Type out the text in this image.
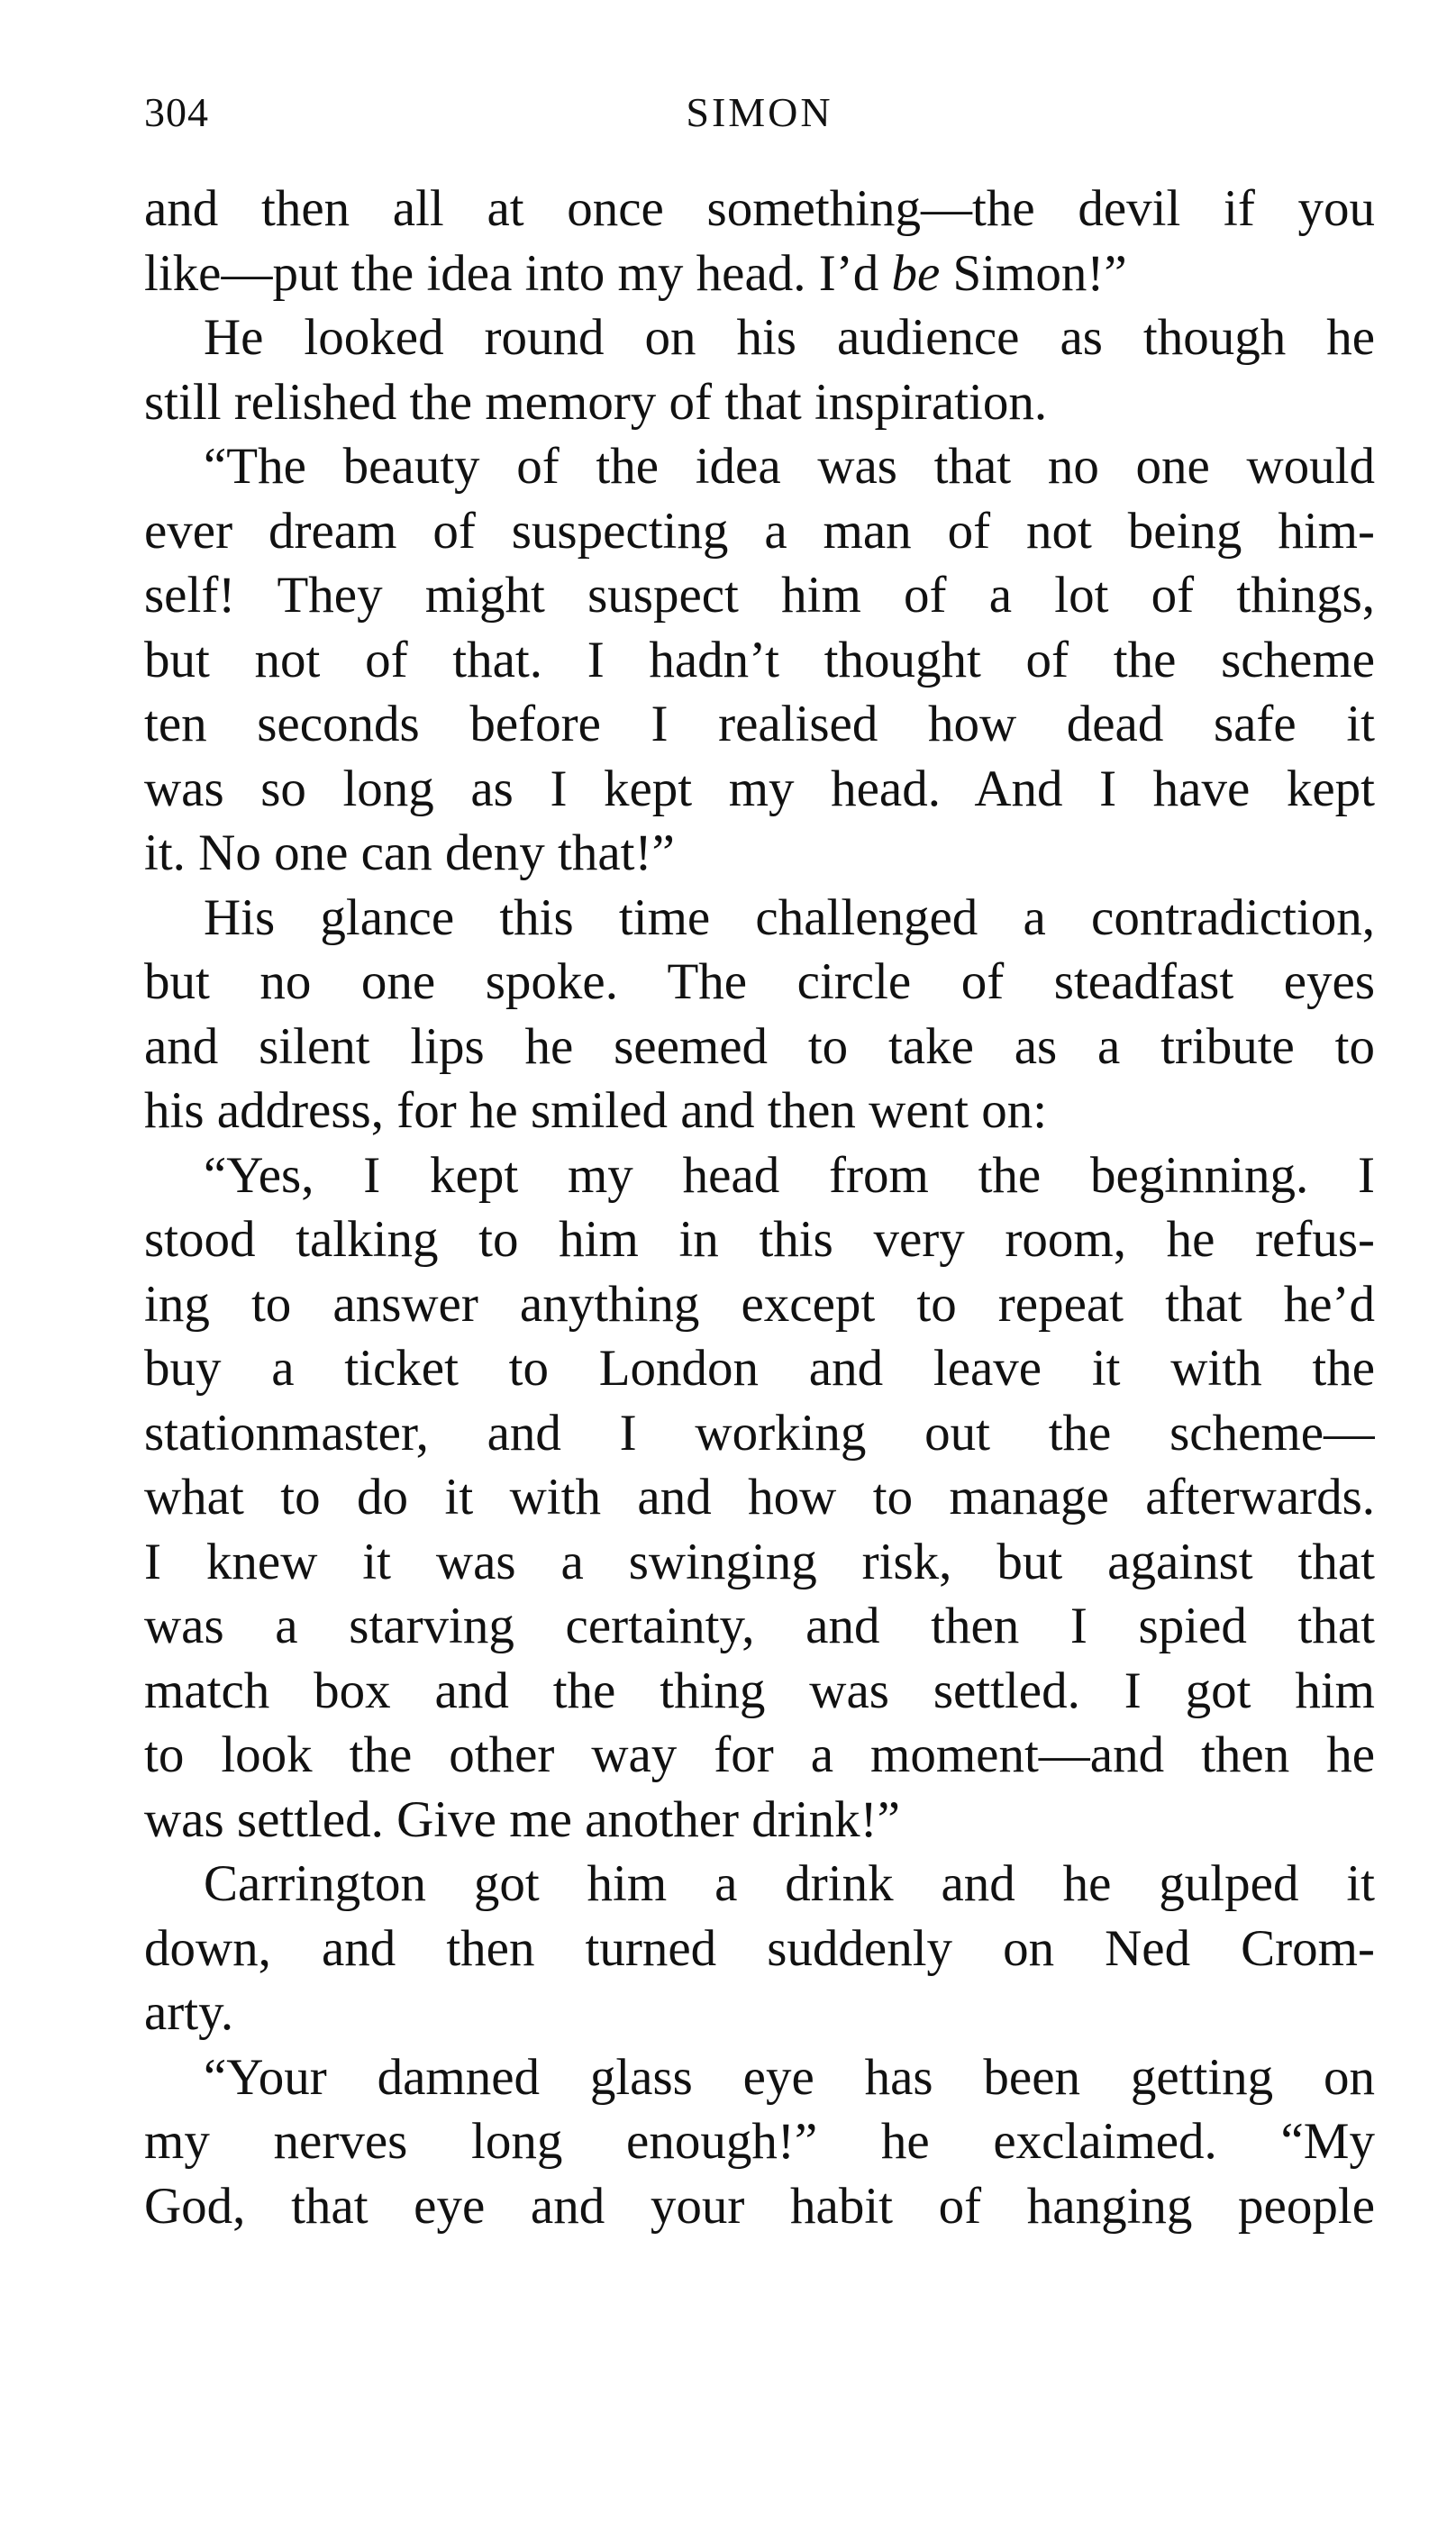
304	SIMON
and then all at once something—the devil if you
like—put the idea into my head. I’d be Simon!”
He looked round on his audience as though he
still relished the memory of that inspiration.
“The beauty of the idea was that no one would
ever dream of suspecting a man of not being him-
self! They might suspect him of a lot of things,
but not of that. I hadn’t thought of the scheme
ten seconds before I realised how dead safe it
was so long as I kept my head. And I have kept
it. No one can deny that!”
His glance this time challenged a contradiction,
but no one spoke. The circle of steadfast eyes
and silent lips he seemed to take as a tribute to
his address, for he smiled and then went on:
“Yes, I kept my head from the beginning. I
stood talking to him in this very room, he refus-
ing to answer anything except to repeat that he’d
buy a ticket to London and leave it with the
stationmaster, and I working out the scheme—
what to do it with and how to manage afterwards.
I knew it was a swinging risk, but against that
was a starving certainty, and then I spied that
match box and the thing was settled. I got him
to look the other way for a moment—and then he
was settled. Give me another drink!”
Carrington got him a drink and he gulped it
down, and then turned suddenly on Ned Crom-
arty.
“Your damned glass eye has been getting on
my nerves long enough!” he exclaimed. “My
God, that eye and your habit of hanging people
